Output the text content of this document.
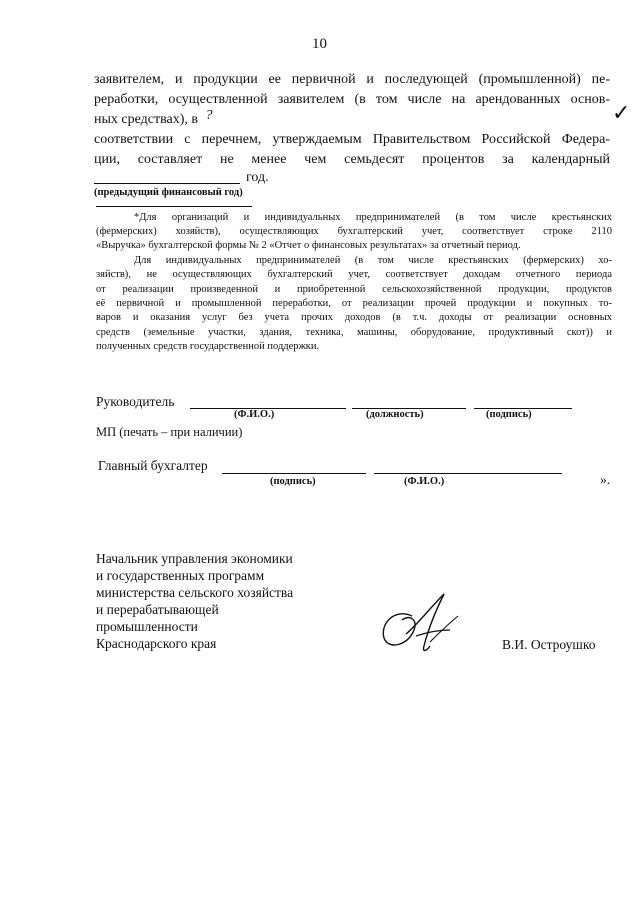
10
заявителем, и продукции ее первичной и последующей (промышленной) пе-
реработки, осуществленной заявителем (в том числе на арендованных основ-
ных средствах), в ?	✓
соответствии с перечнем, утверждаемым Правительством Российской Федера-
ции, составляет не менее чем семьдесят процентов за календарный
год.
(предыдущий финансовый год)
*Для организаций и индивидуальных предпринимателей (в том числе крестьянских
(фермерских) хозяйств), осуществляющих бухгалтерский учет, соответствует строке 2110
«Выручка» бухгалтерской формы № 2 «Отчет о финансовых результатах» за отчетный период.
Для индивидуальных предпринимателей (в том числе крестьянских (фермерских) хо-
зяйств), не осуществляющих бухгалтерский учет, соответствует доходам отчетного периода
от реализации произведенной и приобретенной сельскохозяйственной продукции, продуктов
её первичной и промышленной переработки, от реализации прочей продукции и покупных то-
варов и оказания услуг без учета прочих доходов (в т.ч. доходы от реализации основных
средств (земельные участки, здания, техника, машины, оборудование, продуктивный скот)) и
полученных средств государственной поддержки.
Руководитель
(Ф.И.О.)	(должность)	(подпись)
МП (печать – при наличии)
Главный бухгалтер
(подпись)	(Ф.И.О.)	».
Начальник управления экономики
и государственных программ
министерства сельского хозяйства
и перерабатывающей
промышленности
Краснодарского края	В.И. Остроушко
